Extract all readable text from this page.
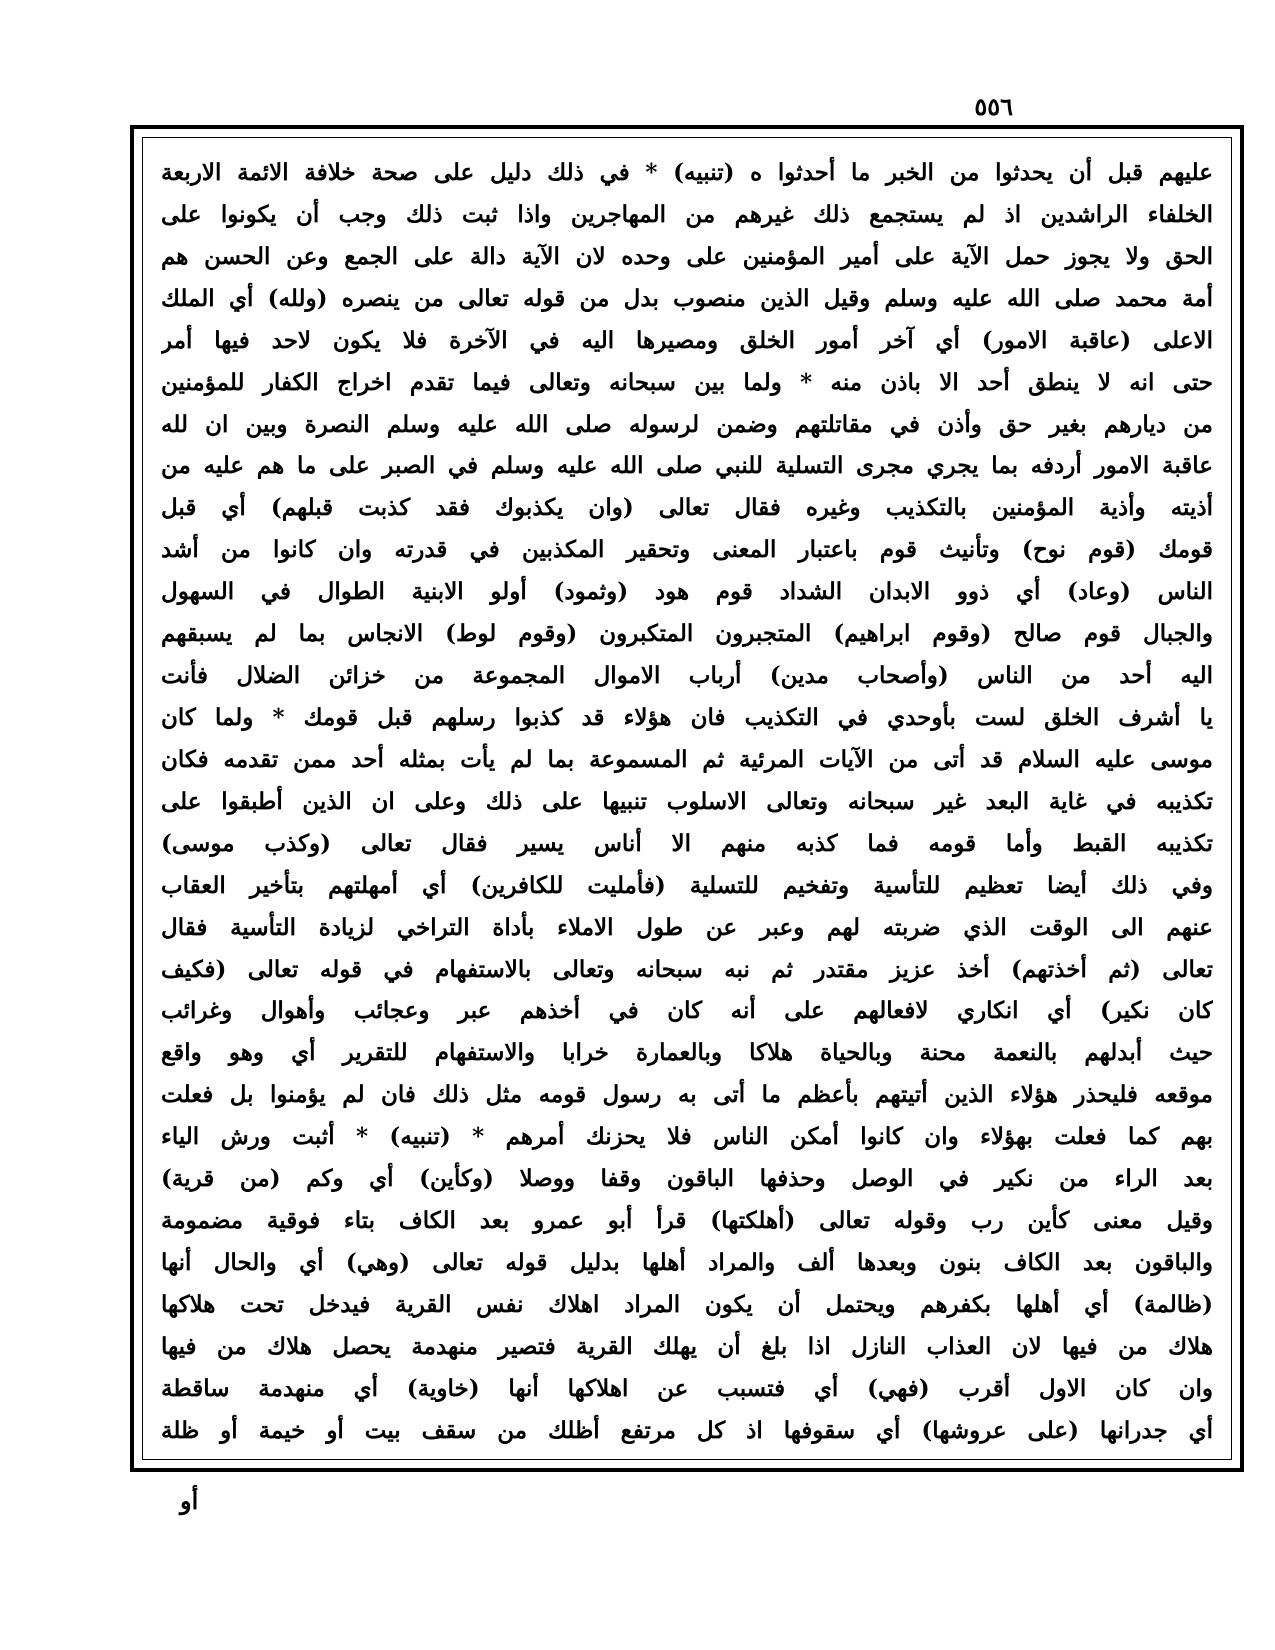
٥٥٦
عليهم قبل أن يحدثوا من الخبر ما أحدثوا ه (تنبيه) * في ذلك دليل على صحة خلافة الائمة الاربعة
الخلفاء الراشدين اذ لم يستجمع ذلك غيرهم من المهاجرين واذا ثبت ذلك وجب أن يكونوا على
الحق ولا يجوز حمل الآية على أمير المؤمنين على وحده لان الآية دالة على الجمع وعن الحسن هم
أمة محمد صلى الله عليه وسلم وقيل الذين منصوب بدل من قوله تعالى من ينصره (ولله) أي الملك
الاعلى (عاقبة الامور) أي آخر أمور الخلق ومصيرها اليه في الآخرة فلا يكون لاحد فيها أمر
حتى انه لا ينطق أحد الا باذن منه * ولما بين سبحانه وتعالى فيما تقدم اخراج الكفار للمؤمنين
من ديارهم بغير حق وأذن في مقاتلتهم وضمن لرسوله صلى الله عليه وسلم النصرة وبين ان لله
عاقبة الامور أردفه بما يجري مجرى التسلية للنبي صلى الله عليه وسلم في الصبر على ما هم عليه من
أذيته وأذية المؤمنين بالتكذيب وغيره فقال تعالى (وان يكذبوك فقد كذبت قبلهم) أي قبل
قومك (قوم نوح) وتأنيث قوم باعتبار المعنى وتحقير المكذبين في قدرته وان كانوا من أشد
الناس (وعاد) أي ذوو الابدان الشداد قوم هود (وثمود) أولو الابنية الطوال في السهول
والجبال قوم صالح (وقوم ابراهيم) المتجبرون المتكبرون (وقوم لوط) الانجاس بما لم يسبقهم
اليه أحد من الناس (وأصحاب مدين) أرباب الاموال المجموعة من خزائن الضلال فأنت
يا أشرف الخلق لست بأوحدي في التكذيب فان هؤلاء قد كذبوا رسلهم قبل قومك * ولما كان
موسى عليه السلام قد أتى من الآيات المرئية ثم المسموعة بما لم يأت بمثله أحد ممن تقدمه فكان
تكذيبه في غاية البعد غير سبحانه وتعالى الاسلوب تنبيها على ذلك وعلى ان الذين أطبقوا على
تكذيبه القبط وأما قومه فما كذبه منهم الا أناس يسير فقال تعالى (وكذب موسى)
وفي ذلك أيضا تعظيم للتأسية وتفخيم للتسلية (فأمليت للكافرين) أي أمهلتهم بتأخير العقاب
عنهم الى الوقت الذي ضربته لهم وعبر عن طول الاملاء بأداة التراخي لزيادة التأسية فقال
تعالى (ثم أخذتهم) أخذ عزيز مقتدر ثم نبه سبحانه وتعالى بالاستفهام في قوله تعالى (فكيف
كان نكير) أي انكاري لافعالهم على أنه كان في أخذهم عبر وعجائب وأهوال وغرائب
حيث أبدلهم بالنعمة محنة وبالحياة هلاكا وبالعمارة خرابا والاستفهام للتقرير أي وهو واقع
موقعه فليحذر هؤلاء الذين أتيتهم بأعظم ما أتى به رسول قومه مثل ذلك فان لم يؤمنوا بل فعلت
بهم كما فعلت بهؤلاء وان كانوا أمكن الناس فلا يحزنك أمرهم * (تنبيه) * أثبت ورش الياء
بعد الراء من نكير في الوصل وحذفها الباقون وقفا ووصلا (وكأين) أي وكم (من قرية)
وقيل معنى كأين رب وقوله تعالى (أهلكتها) قرأ أبو عمرو بعد الكاف بتاء فوقية مضمومة
والباقون بعد الكاف بنون وبعدها ألف والمراد أهلها بدليل قوله تعالى (وهي) أي والحال أنها
(ظالمة) أي أهلها بكفرهم ويحتمل أن يكون المراد اهلاك نفس القرية فيدخل تحت هلاكها
هلاك من فيها لان العذاب النازل اذا بلغ أن يهلك القرية فتصير منهدمة يحصل هلاك من فيها
وان كان الاول أقرب (فهي) أي فتسبب عن اهلاكها أنها (خاوية) أي منهدمة ساقطة
أي جدرانها (على عروشها) أي سقوفها اذ كل مرتفع أظلك من سقف بيت أو خيمة أو ظلة
أو
